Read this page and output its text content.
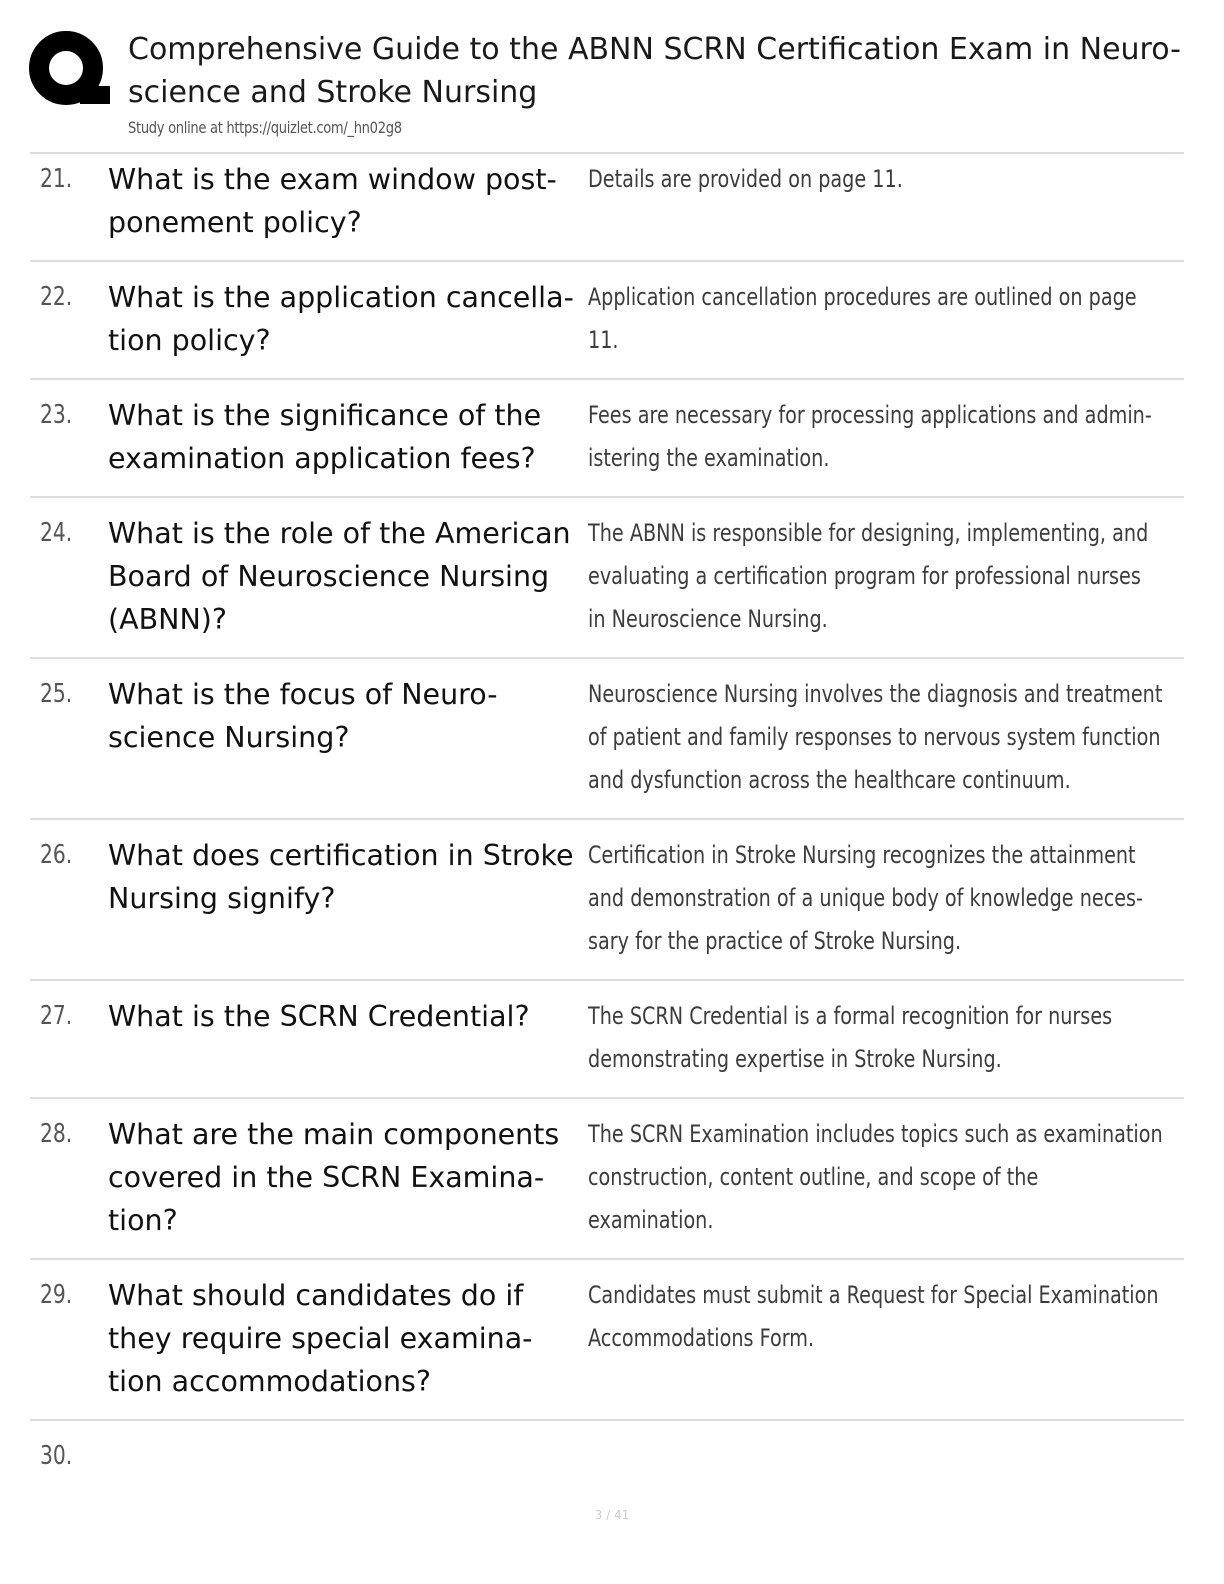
Comprehensive Guide to the ABNN SCRN Certification Exam in Neuro-science and Stroke Nursing
Study online at https://quizlet.com/_hn02g8
21. What is the exam window post-ponement policy?
Details are provided on page 11.
22. What is the application cancella-tion policy?
Application cancellation procedures are outlined on page 11.
23. What is the significance of the examination application fees?
Fees are necessary for processing applications and admin-istering the examination.
24. What is the role of the American Board of Neuroscience Nursing (ABNN)?
The ABNN is responsible for designing, implementing, and evaluating a certification program for professional nurses in Neuroscience Nursing.
25. What is the focus of Neuro-science Nursing?
Neuroscience Nursing involves the diagnosis and treatment of patient and family responses to nervous system function and dysfunction across the healthcare continuum.
26. What does certification in Stroke Nursing signify?
Certification in Stroke Nursing recognizes the attainment and demonstration of a unique body of knowledge neces-sary for the practice of Stroke Nursing.
27. What is the SCRN Credential?	The SCRN Credential is a formal recognition for nurses demonstrating expertise in Stroke Nursing.
28. What are the main components covered in the SCRN Examina-tion?
The SCRN Examination includes topics such as examination construction, content outline, and scope of the examination.
29. What should candidates do if they require special examina-tion accommodations?
Candidates must submit a Request for Special Examination Accommodations Form.
30.
3 / 41
